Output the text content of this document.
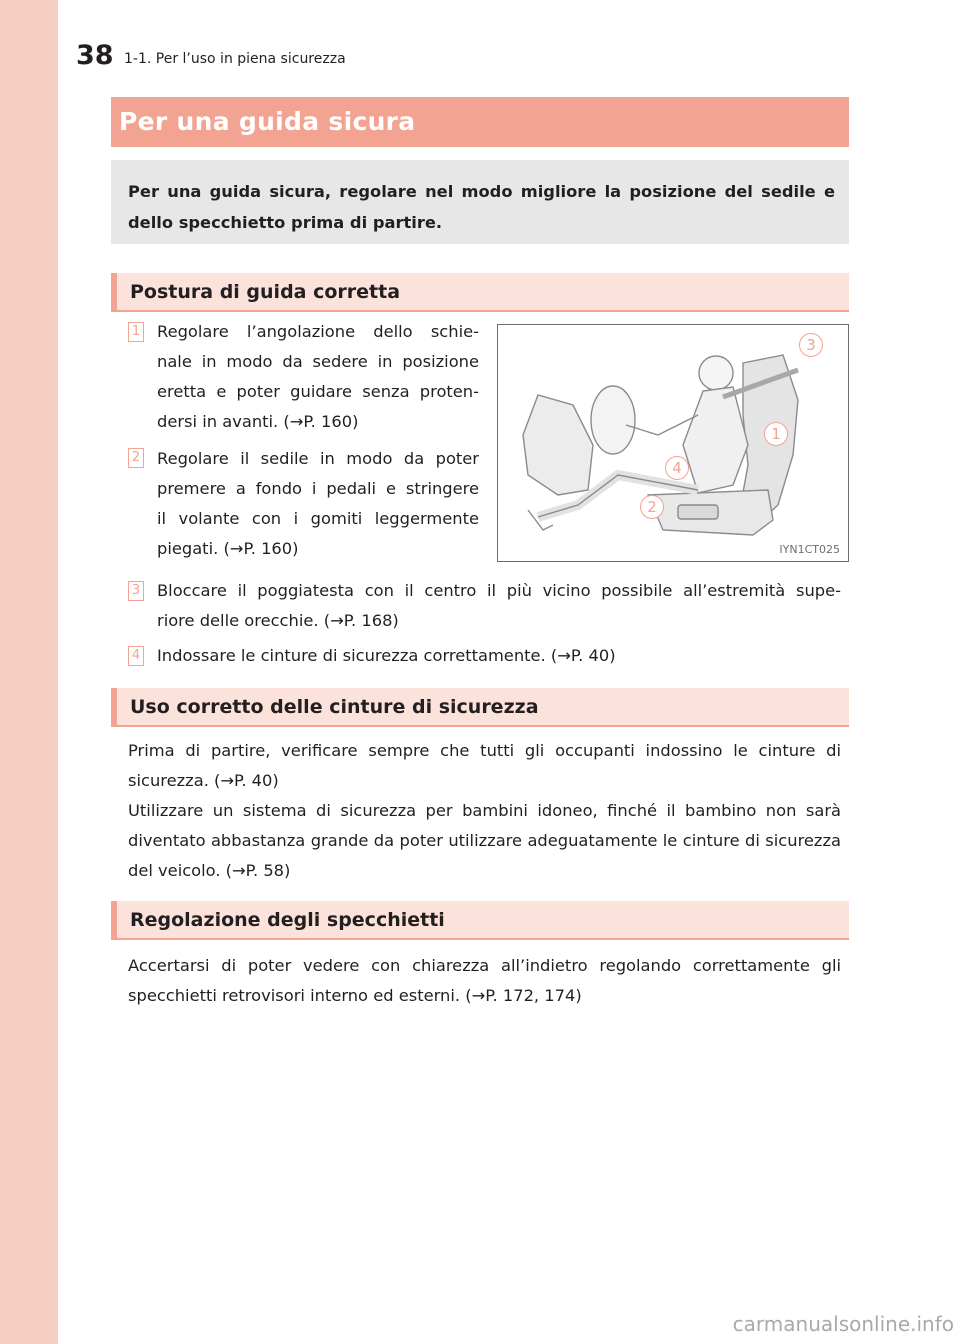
38 1-1. Per l’uso in piena sicurezza
Per una guida sicura
Per una guida sicura, regolare nel modo migliore la posizione del sedile e dello specchietto prima di partire.
Postura di guida corretta
1 Regolare l’angolazione dello schie-
nale in modo da sedere in posizione
eretta e poter guidare senza proten-
dersi in avanti. (→P. 160)
2 Regolare il sedile in modo da poter
premere a fondo i pedali e stringere
il volante con i gomiti leggermente
piegati. (→P. 160)
3
1
4
2
IYN1CT025
3 Bloccare il poggiatesta con il centro il più vicino possibile all’estremità supe-
riore delle orecchie. (→P. 168)
4 Indossare le cinture di sicurezza correttamente. (→P. 40)
Uso corretto delle cinture di sicurezza
Prima di partire, verificare sempre che tutti gli occupanti indossino le cinture di sicurezza. (→P. 40)
Utilizzare un sistema di sicurezza per bambini idoneo, finché il bambino non sarà diventato abbastanza grande da poter utilizzare adeguatamente le cinture di sicurezza del veicolo. (→P. 58)
Regolazione degli specchietti
Accertarsi di poter vedere con chiarezza all’indietro regolando correttamente gli specchietti retrovisori interno ed esterni. (→P. 172, 174)
carmanualsonline.info
